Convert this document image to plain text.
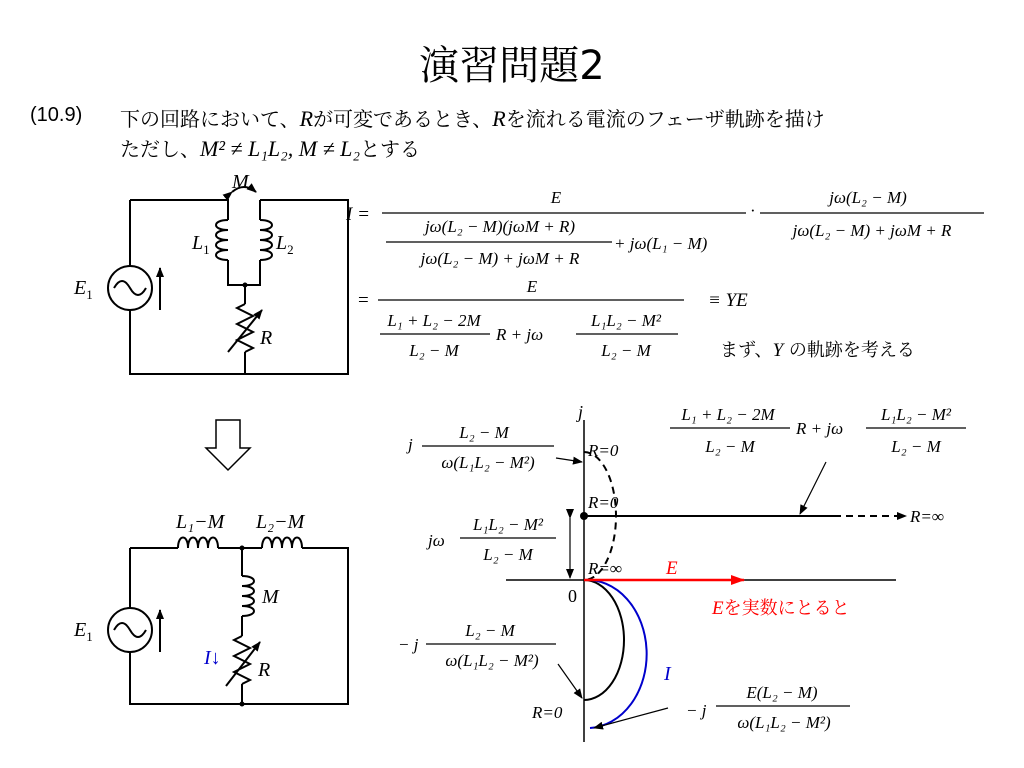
演習問題2
(10.9) 下の回路において、Rが可変であるとき、Rを流れる電流のフェーザ軌跡を描け
ただし、M² ≠ L₁L₂, M ≠ L₂とする
M
$E_1$
$L_1$	$L_2$
R
L₁−M L₂−M
M
$E_1$
I↓
R
I =
E
jω(L₂ − M)(jωM + R)
jω(L₂ − M) + jωM + R
+ jω(L₁ − M)
·
jω(L₂ − M)
jω(L₂ − M) + jωM + R
=
E
L₁ + L₂ − 2M
L₂ − M
R + jω
L₁L₂ − M²
L₂ − M
≡ YE
まず、Y の軌跡を考える
j
0
j
L₂ − M
ω(L₁L₂ − M²)
R=0
R=0
R=∞
R=∞
jω
L₁L₂ − M²
L₂ − M
L₁ + L₂ − 2M
L₂ − M
R + jω
L₁L₂ − M²
L₂ − M
E
Eを実数にとると
− j
L₂ − M
ω(L₁L₂ − M²)
I
R=0	− j
E(L₂ − M)
ω(L₁L₂ − M²)
